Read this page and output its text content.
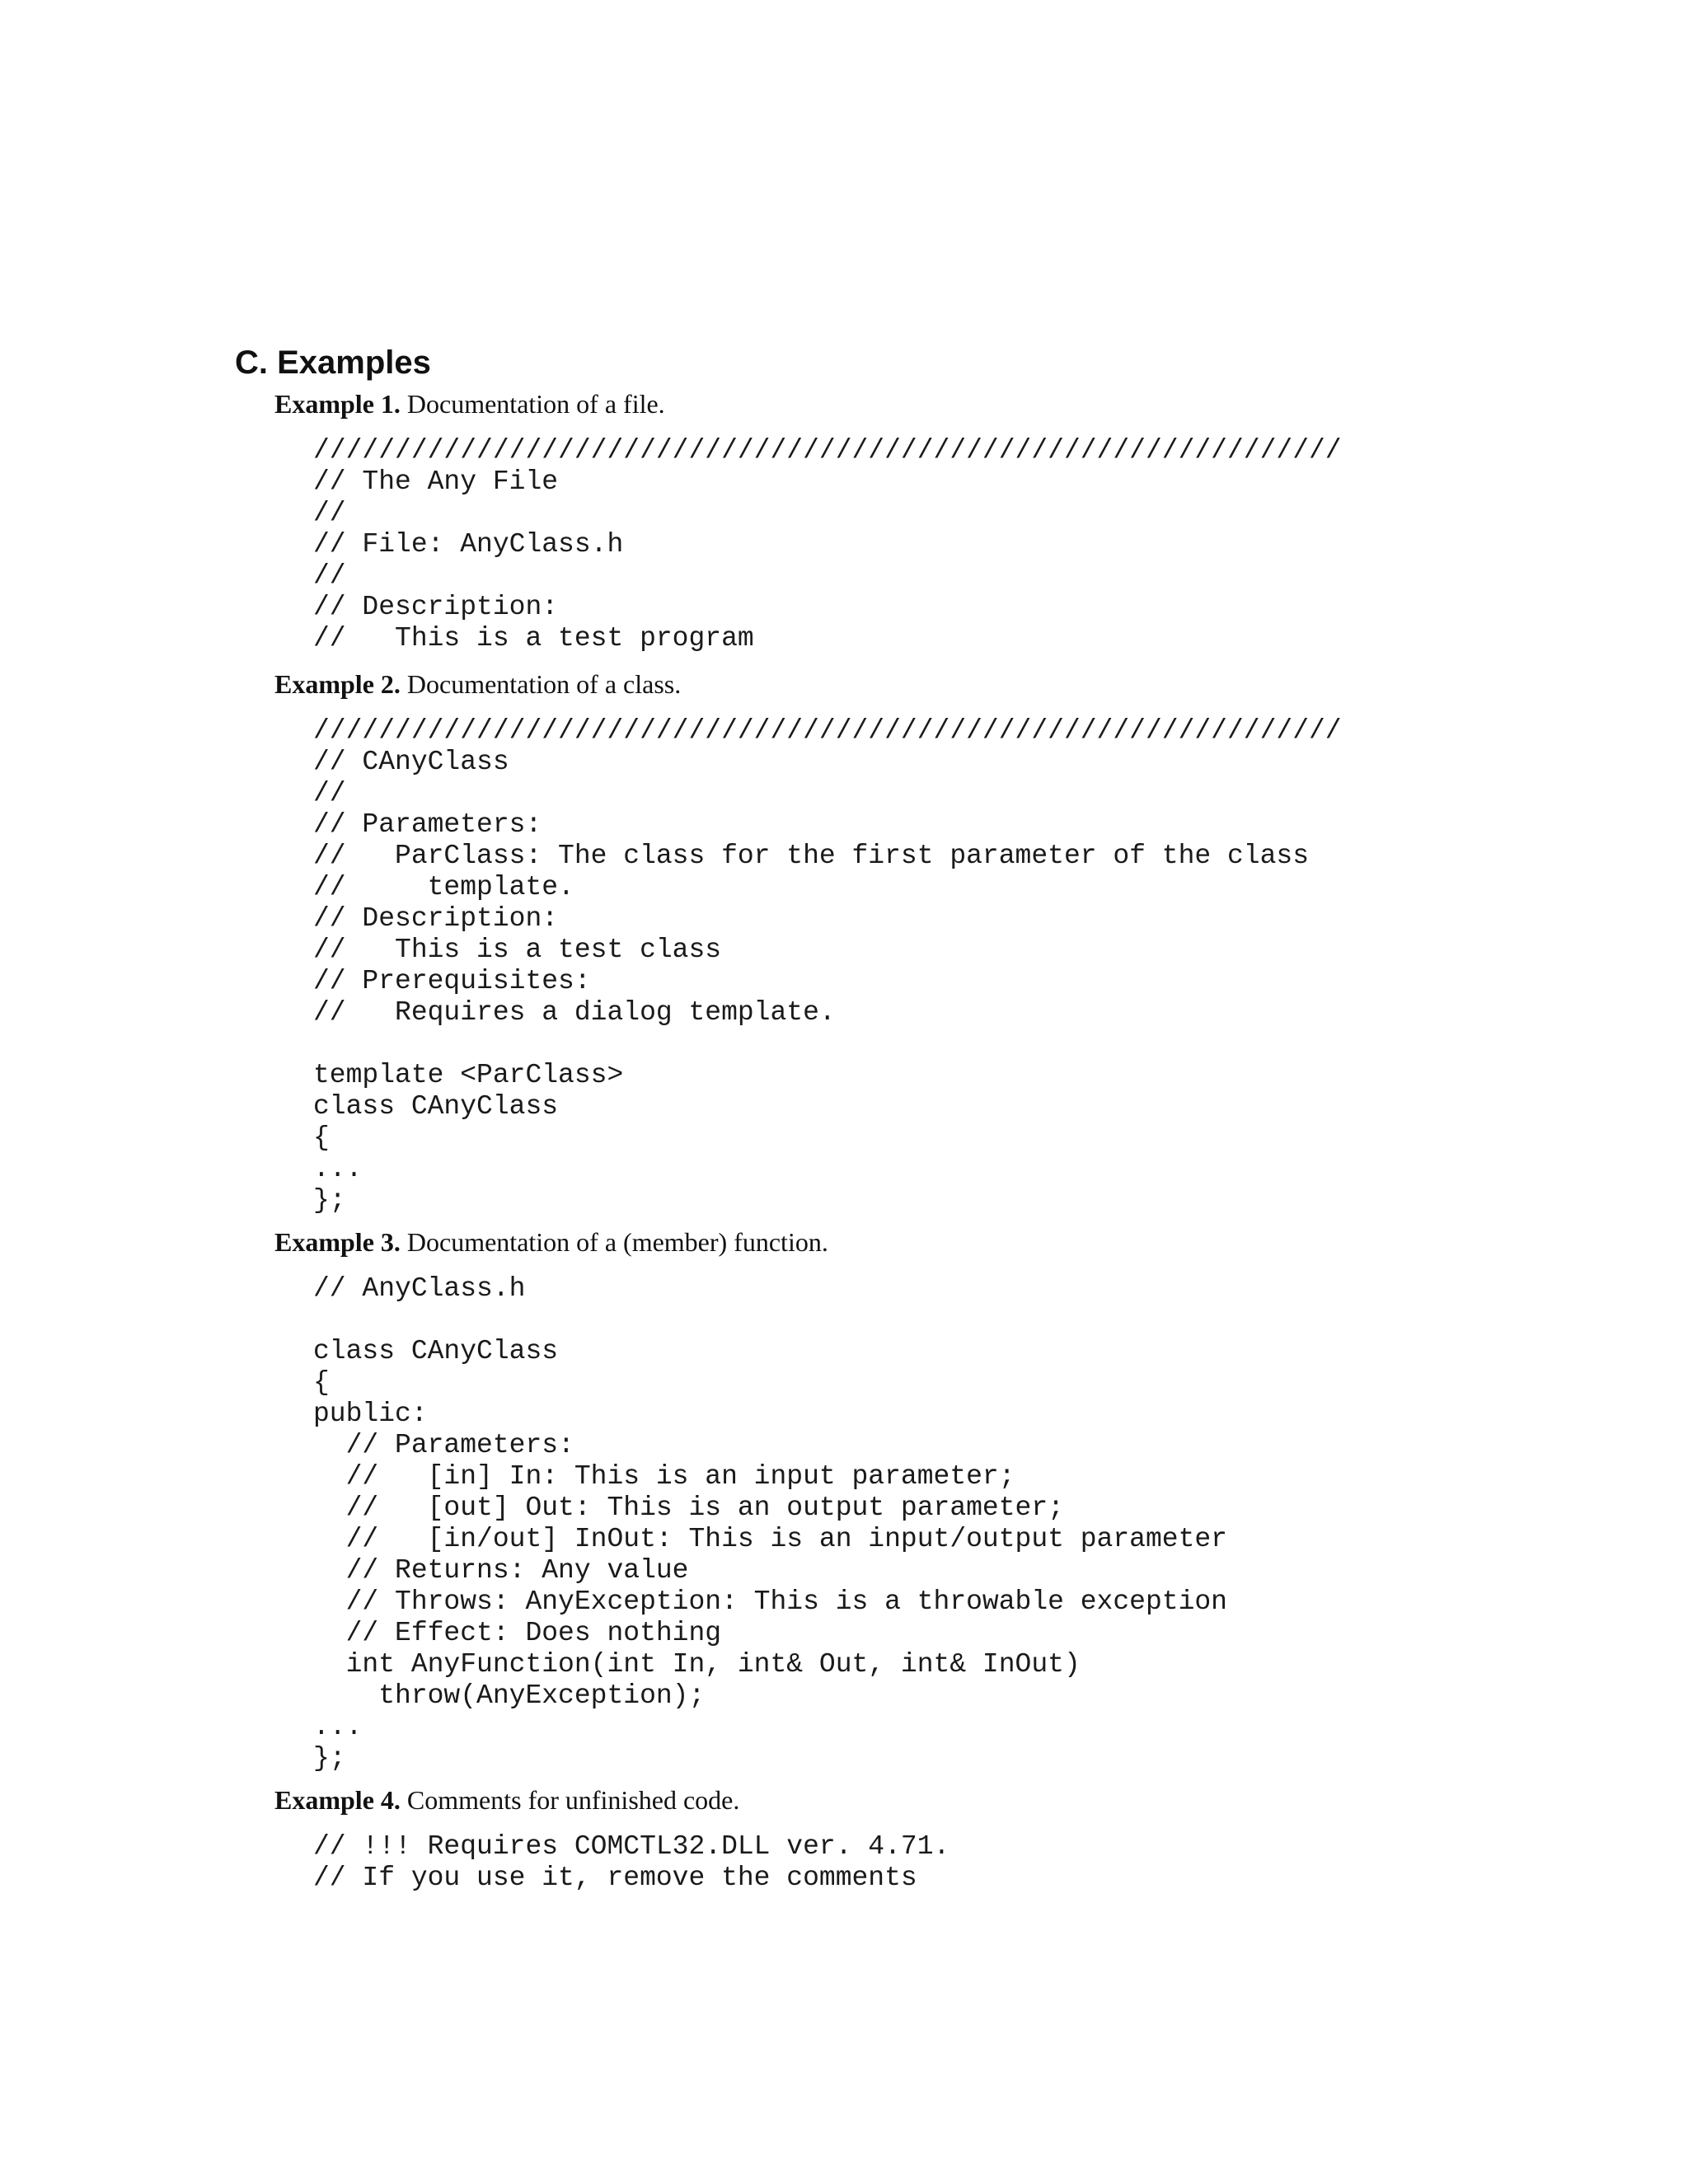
C. Examples

Example 1. Documentation of a file.

///////////////////////////////////////////////////////////////
// The Any File
//
// File: AnyClass.h
//
// Description:
//   This is a test program

Example 2. Documentation of a class.

///////////////////////////////////////////////////////////////
// CAnyClass
//
// Parameters:
//   ParClass: The class for the first parameter of the class
//     template.
// Description:
//   This is a test class
// Prerequisites:
//   Requires a dialog template.

template <ParClass>
class CAnyClass
{
...
};

Example 3. Documentation of a (member) function.

// AnyClass.h

class CAnyClass
{
public:
// Parameters:
//   [in] In: This is an input parameter;
//   [out] Out: This is an output parameter;
//   [in/out] InOut: This is an input/output parameter
// Returns: Any value
// Throws: AnyException: This is a throwable exception
// Effect: Does nothing
int AnyFunction(int In, int& Out, int& InOut)
throw(AnyException);
...
};

Example 4. Comments for unfinished code.

// !!! Requires COMCTL32.DLL ver. 4.71.
// If you use it, remove the comments
